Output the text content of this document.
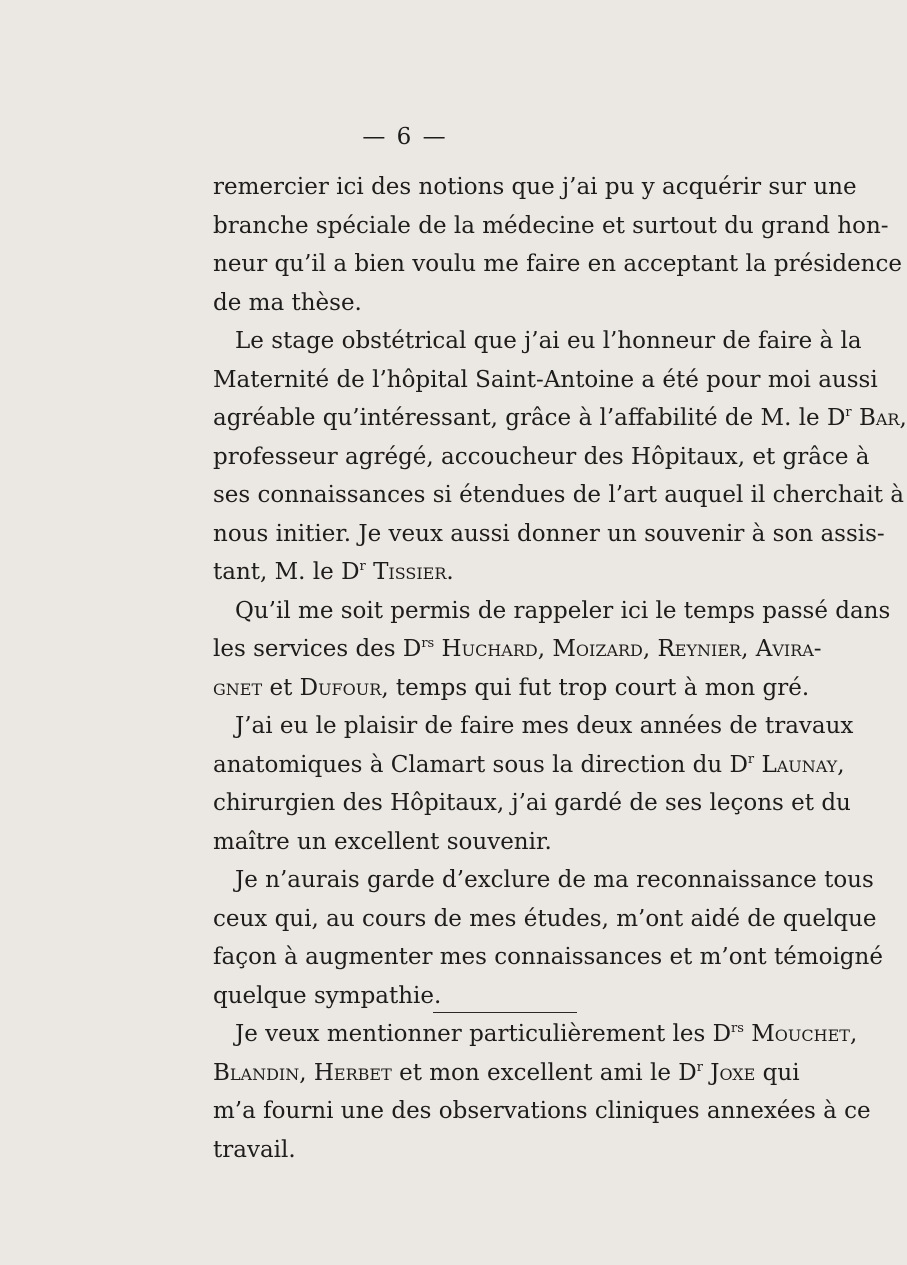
— 6 —
remercier ici des notions que j’ai pu y acquérir sur une
branche spéciale de la médecine et surtout du grand hon-
neur qu’il a bien voulu me faire en acceptant la présidence
de ma thèse.
Le stage obstétrical que j’ai eu l’honneur de faire à la
Maternité de l’hôpital Saint-Antoine a été pour moi aussi
agréable qu’intéressant, grâce à l’affabilité de M. le $D^r$ Bar,
professeur agrégé, accoucheur des Hôpitaux, et grâce à
ses connaissances si étendues de l’art auquel il cherchait à
nous initier. Je veux aussi donner un souvenir à son assis-
tant, M. le $D^r$ Tissier.
Qu’il me soit permis de rappeler ici le temps passé dans
les services des $D^{rs}$ Huchard, Moizard, Reynier, Avira-
gnet et Dufour, temps qui fut trop court à mon gré.
J’ai eu le plaisir de faire mes deux années de travaux
anatomiques à Clamart sous la direction du $D^r$ Launay,
chirurgien des Hôpitaux, j’ai gardé de ses leçons et du
maître un excellent souvenir.
Je n’aurais garde d’exclure de ma reconnaissance tous
ceux qui, au cours de mes études, m’ont aidé de quelque
façon à augmenter mes connaissances et m’ont témoigné
quelque sympathie.
Je veux mentionner particulièrement les $D^{rs}$ Mouchet,
Blandin, Herbet et mon excellent ami le $D^r$ Joxe qui
m’a fourni une des observations cliniques annexées à ce
travail.
